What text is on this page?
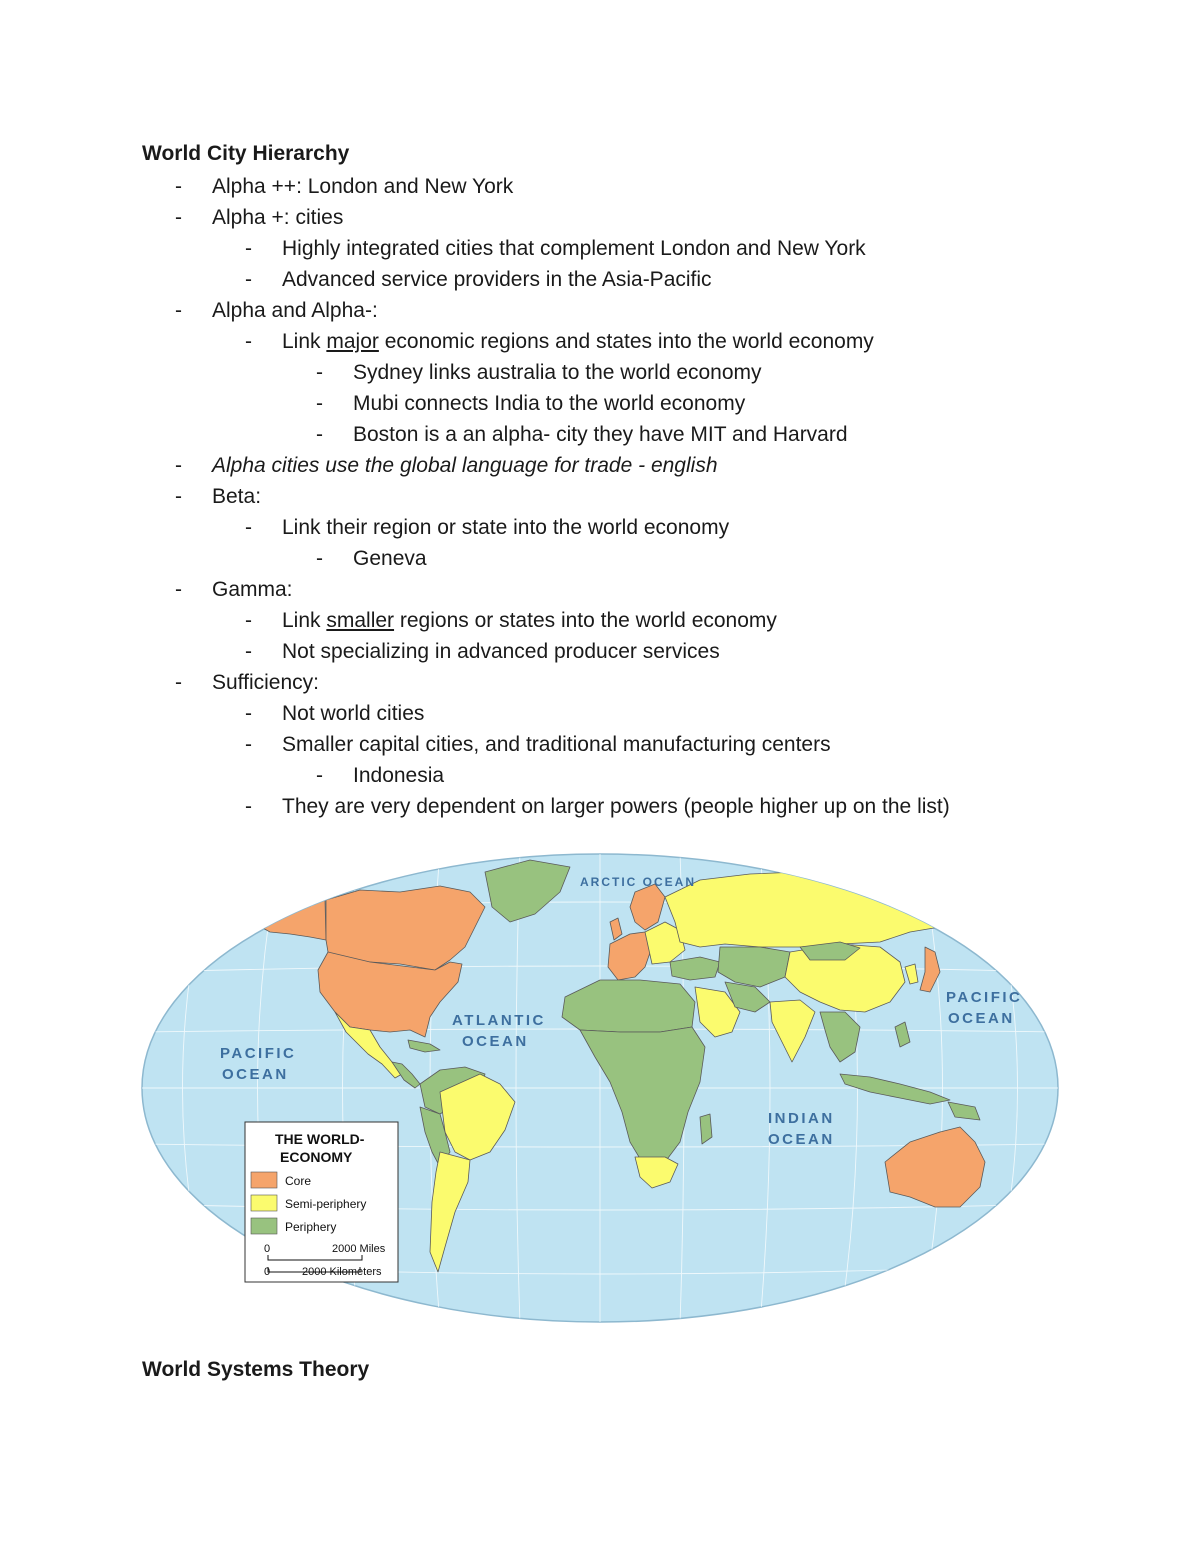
World City Hierarchy
- Alpha ++: London and New York
- Alpha +: cities
- Highly integrated cities that complement London and New York
- Advanced service providers in the Asia-Pacific
- Alpha and Alpha-:
- Link major economic regions and states into the world economy
- Sydney links australia to the world economy
- Mubi connects India to the world economy
- Boston is a an alpha- city they have MIT and Harvard
- Alpha cities use the global language for trade - english
- Beta:
- Link their region or state into the world economy
- Geneva
- Gamma:
- Link smaller regions or states into the world economy
- Not specializing in advanced producer services
- Sufficiency:
- Not world cities
- Smaller capital cities, and traditional manufacturing centers
- Indonesia
- They are very dependent on larger powers (people higher up on the list)
ARCTIC OCEAN
ATLANTIC
OCEAN
PACIFIC
OCEAN
PACIFIC
OCEAN
INDIAN
OCEAN
THE WORLD-
ECONOMY
Core
Semi-periphery
Periphery
0	2000 Miles
0	2000 Kilometers
World Systems Theory
